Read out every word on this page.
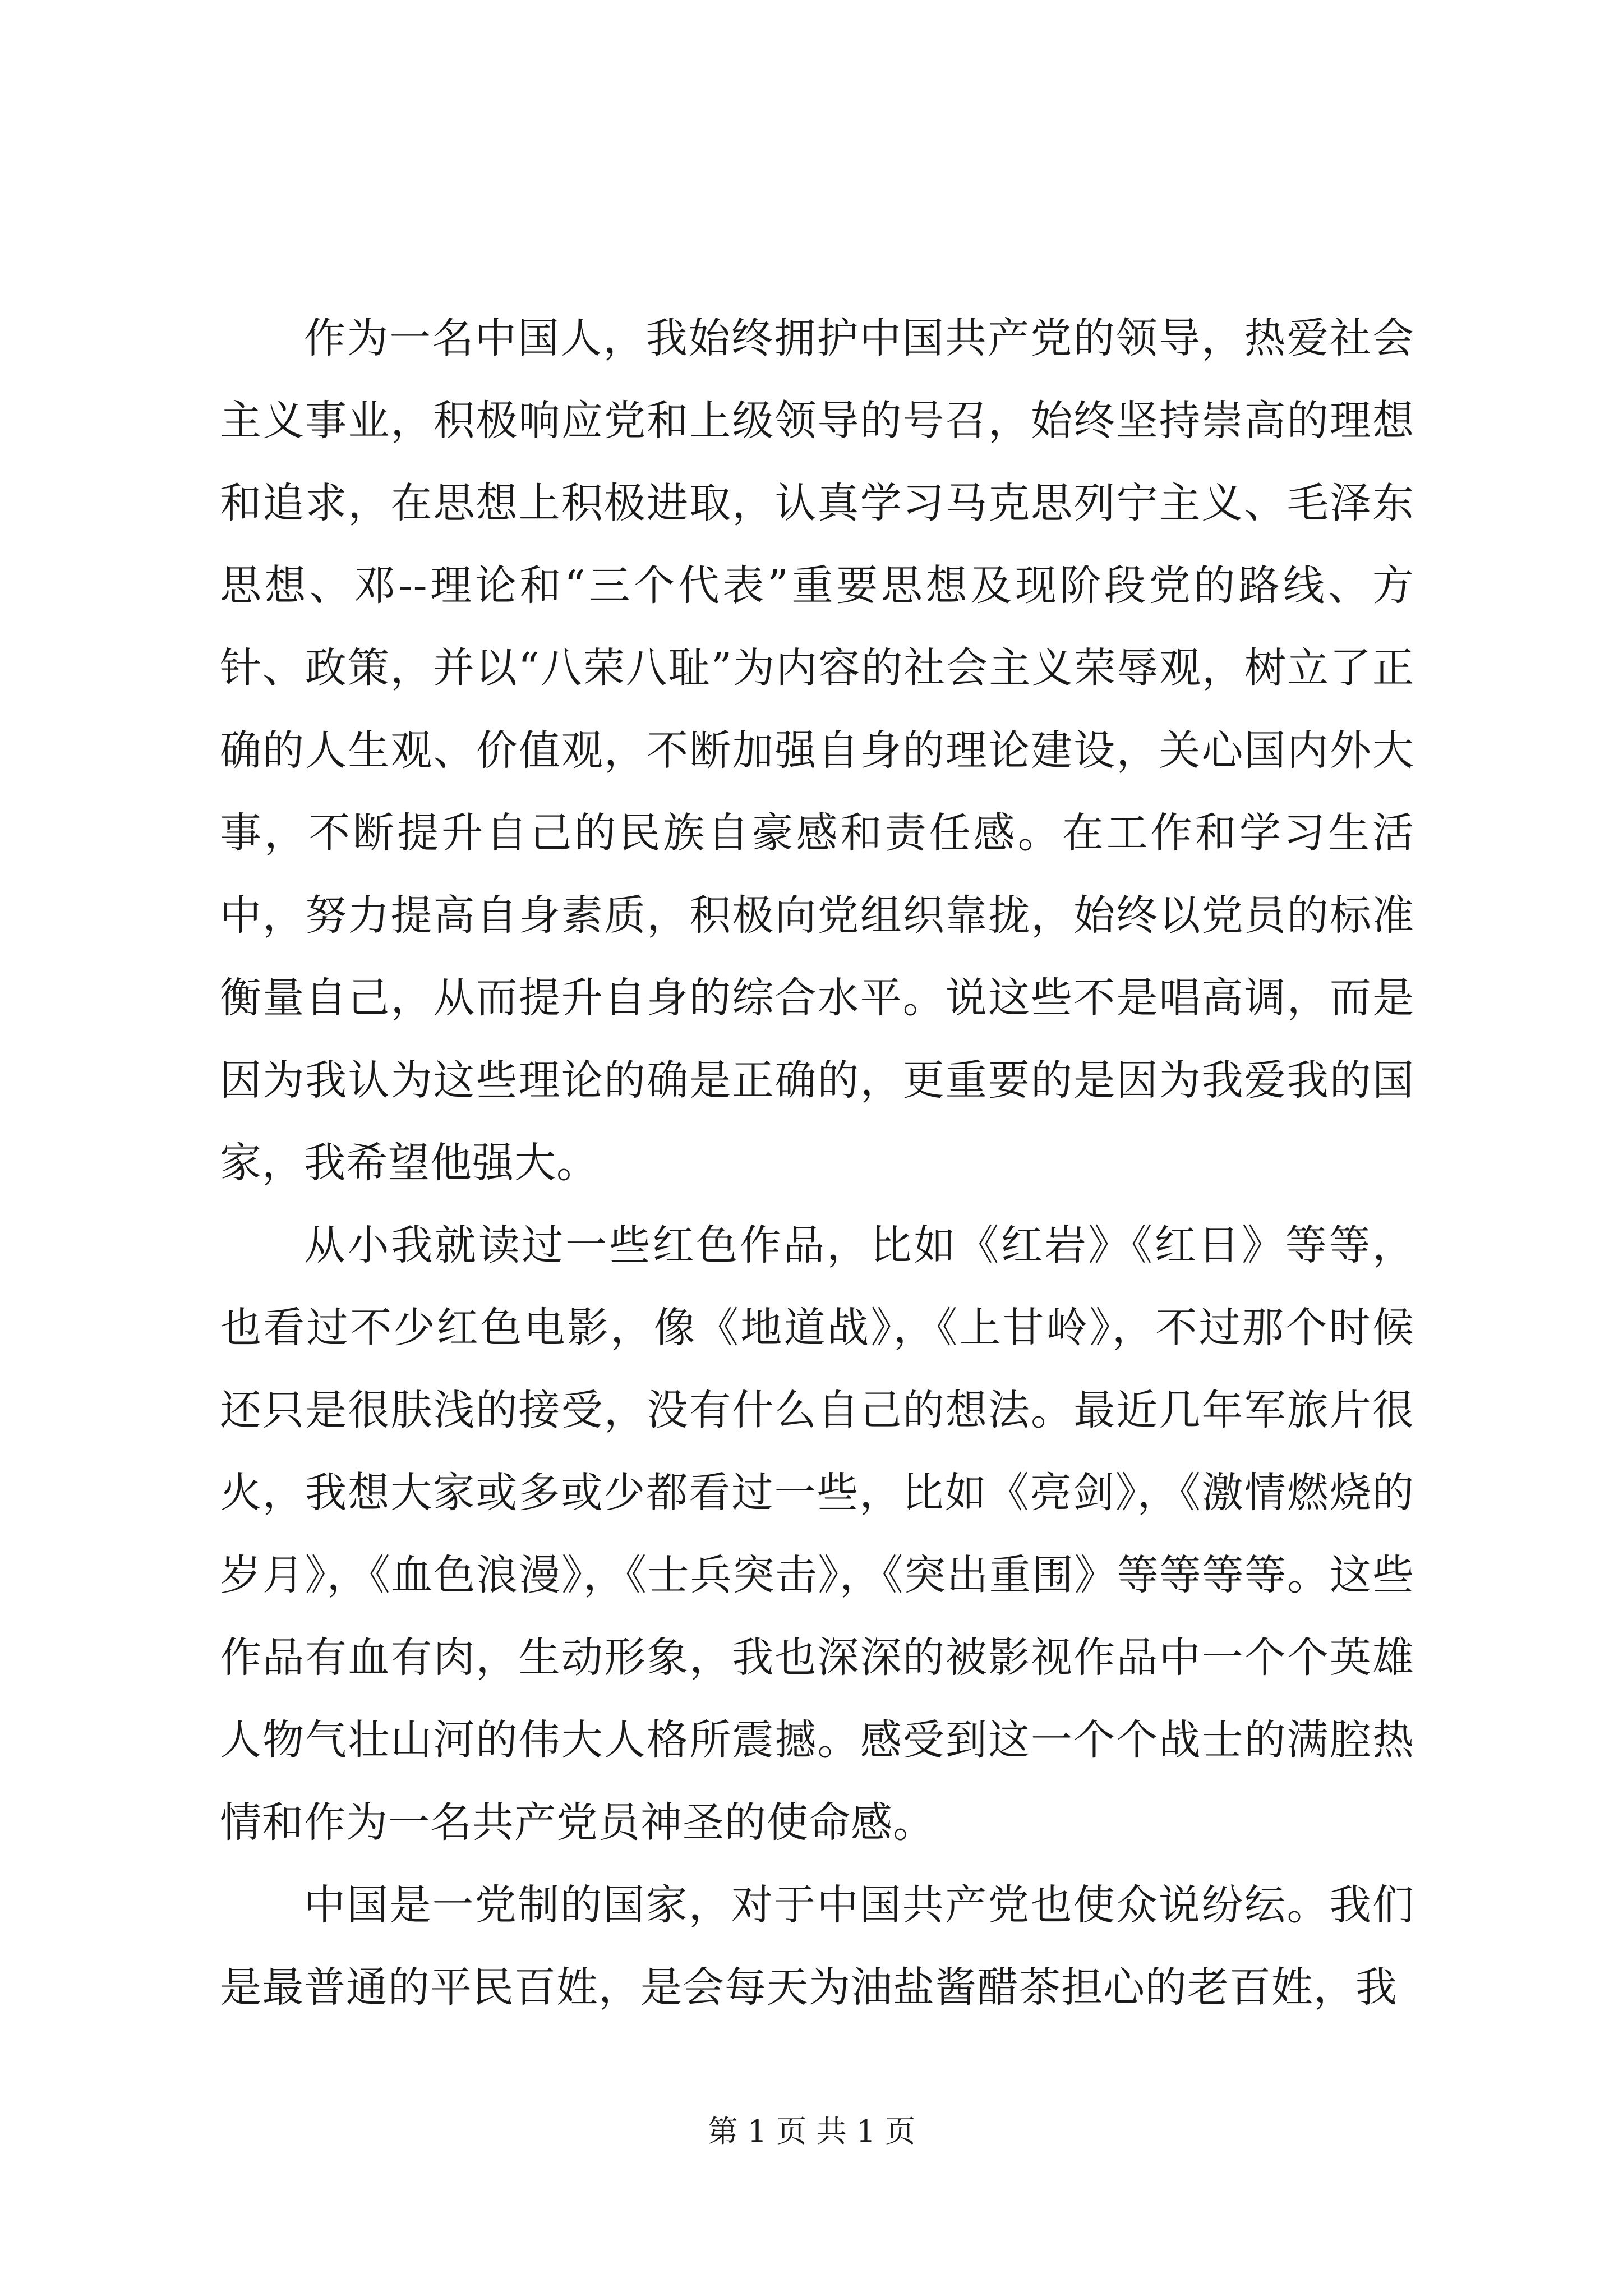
作为一名中国人，我始终拥护中国共产党的领导，热爱社会主义事业，积极响应党和上级领导的号召，始终坚持崇高的理想和追求，在思想上积极进取，认真学习马克思列宁主义、毛泽东思想、邓--理论和“三个代表”重要思想及现阶段党的路线、方针、政策，并以“八荣八耻”为内容的社会主义荣辱观，树立了正确的人生观、价值观，不断加强自身的理论建设，关心国内外大事，不断提升自己的民族自豪感和责任感。在工作和学习生活中，努力提高自身素质，积极向党组织靠拢，始终以党员的标准衡量自己，从而提升自身的综合水平。说这些不是唱高调，而是因为我认为这些理论的确是正确的，更重要的是因为我爱我的国家，我希望他强大。

从小我就读过一些红色作品，比如《红岩》《红日》等等，也看过不少红色电影，像《地道战》，《上甘岭》，不过那个时候还只是很肤浅的接受，没有什么自己的想法。最近几年军旅片很火，我想大家或多或少都看过一些，比如《亮剑》，《激情燃烧的岁月》，《血色浪漫》，《士兵突击》，《突出重围》等等等等。这些作品有血有肉，生动形象，我也深深的被影视作品中一个个英雄人物气壮山河的伟大人格所震撼。感受到这一个个战士的满腔热情和作为一名共产党员神圣的使命感。

中国是一党制的国家，对于中国共产党也使众说纷纭。我们是最普通的平民百姓，是会每天为油盐酱醋茶担心的老百姓，我

第 1 页 共 1 页
